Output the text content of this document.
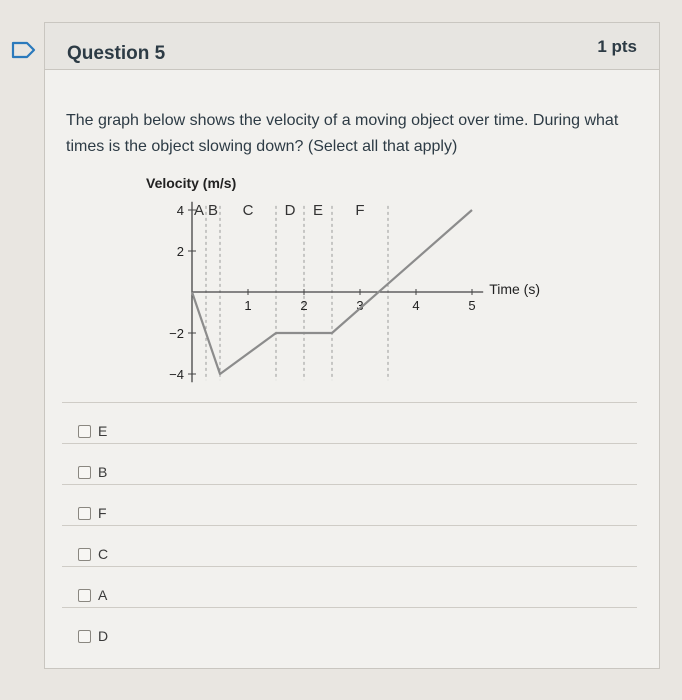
Question 5	1 pts
The graph below shows the velocity of a moving object over time. During what times is the object slowing down? (Select all that apply)
Velocity (m/s)
1	2	3	4	5
4
2
−2
−4
Time (s)
A B C D E F
E
B
F
C
A
D
